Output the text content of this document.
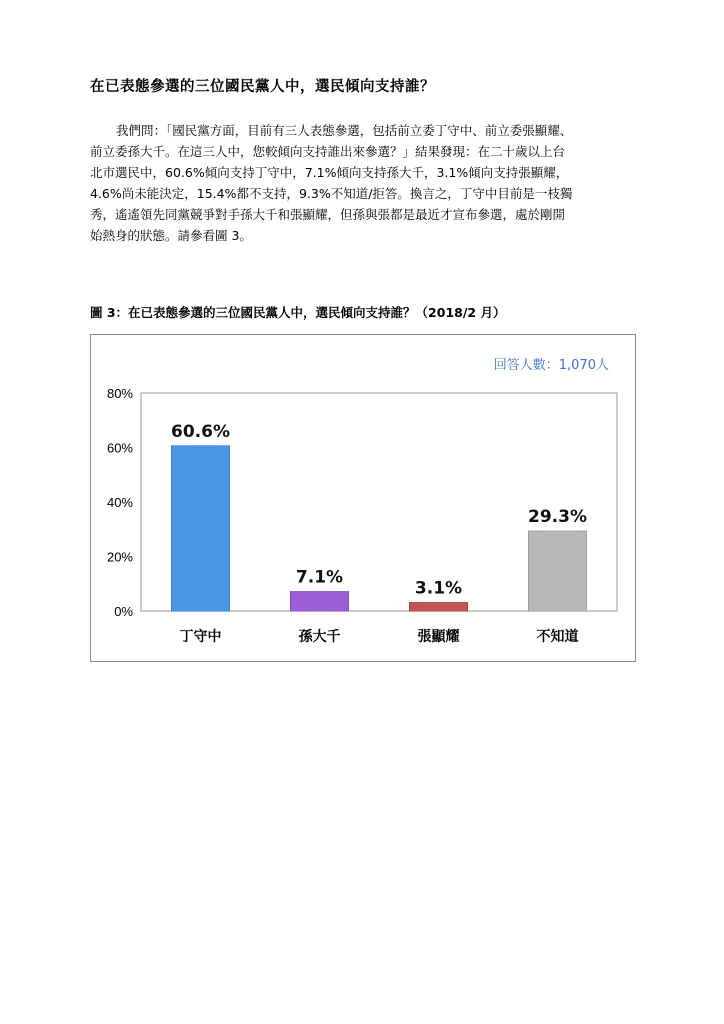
在已表態參選的三位國民黨人中，選民傾向支持誰？
我們問：「國民黨方面，目前有三人表態參選，包括前立委丁守中、前立委張顯耀、
前立委孫大千。在這三人中，您較傾向支持誰出來參選？」結果發現：在二十歲以上台
北市選民中，60.6%傾向支持丁守中，7.1%傾向支持孫大千，3.1%傾向支持張顯耀，
4.6%尚未能決定，15.4%都不支持，9.3%不知道/拒答。換言之，丁守中目前是一枝獨
秀，遙遙領先同黨競爭對手孫大千和張顯耀，但孫與張都是最近才宣布參選，處於剛開
始熱身的狀態。請參看圖 3。
圖 3：在已表態參選的三位國民黨人中，選民傾向支持誰？（2018/2 月）
回答人數：1,070人
0%
20%
40%
60%
80%
60.6%
丁守中
7.1%
孫大千
3.1%
張顯耀
29.3%
不知道
